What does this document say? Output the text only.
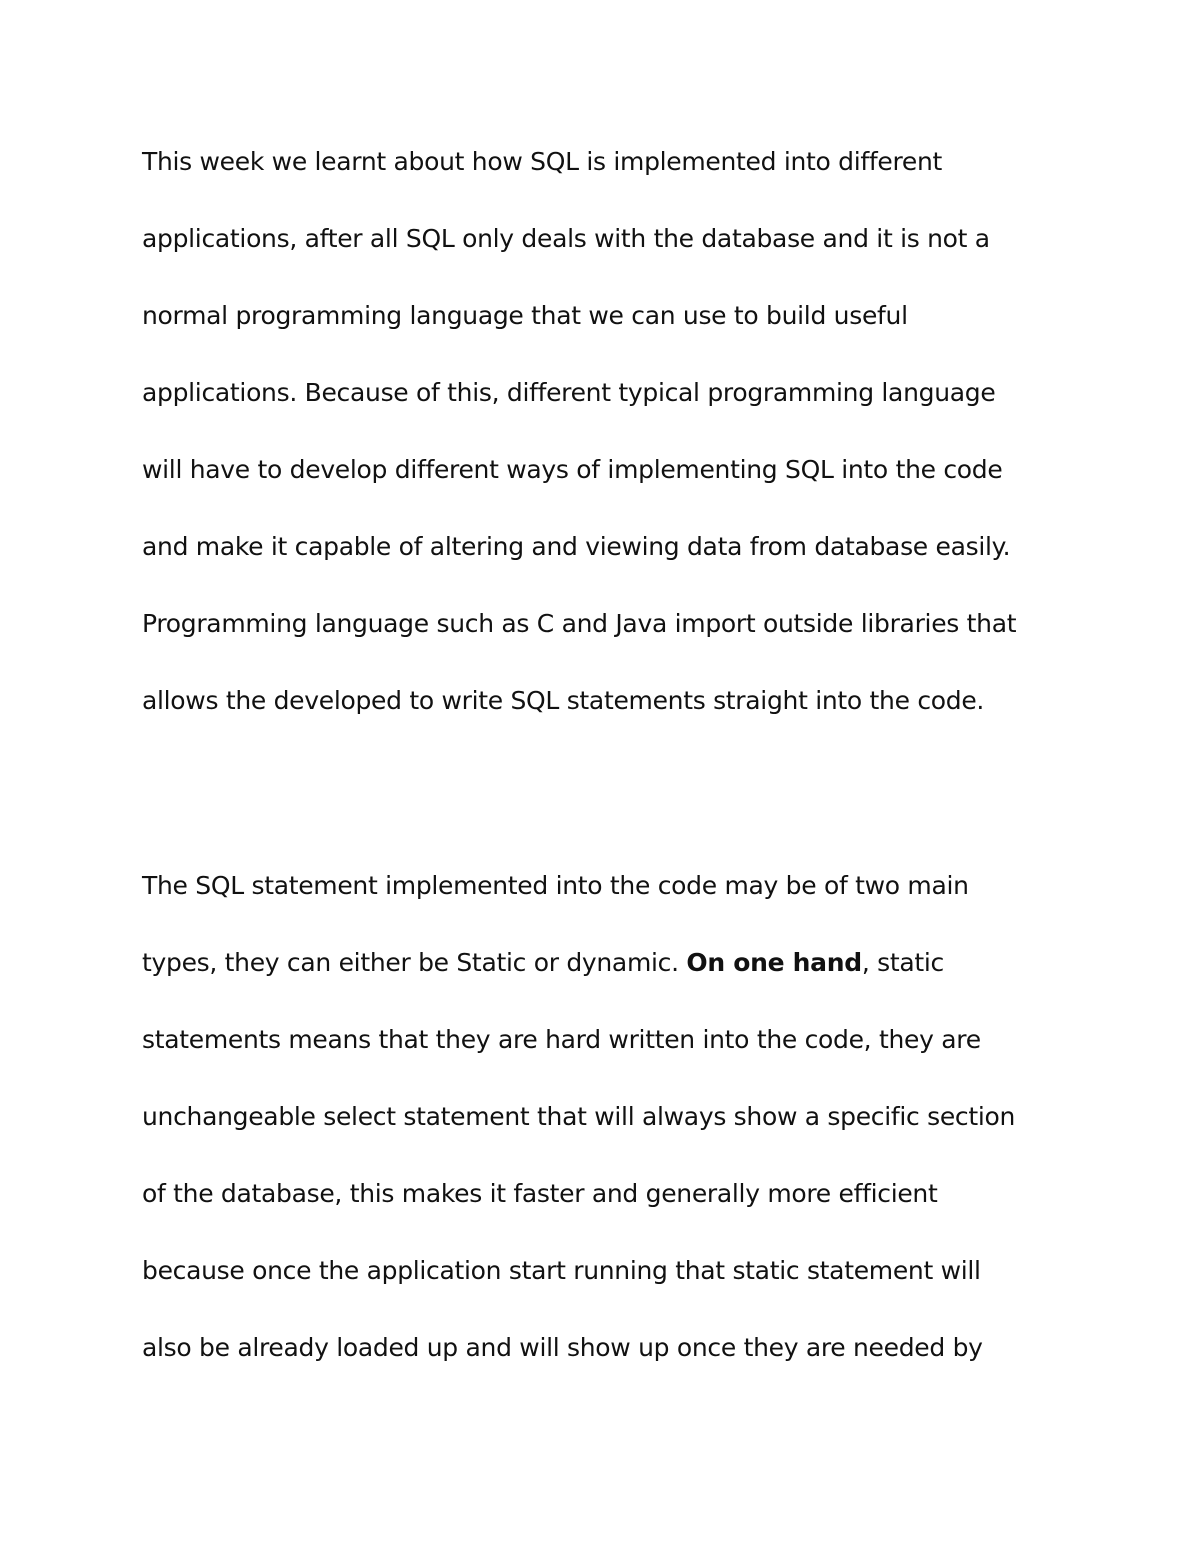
This week we learnt about how SQL is implemented into different
applications, after all SQL only deals with the database and it is not a
normal programming language that we can use to build useful
applications. Because of this, different typical programming language
will have to develop different ways of implementing SQL into the code
and make it capable of altering and viewing data from database easily.
Programming language such as C and Java import outside libraries that
allows the developed to write SQL statements straight into the code.

The SQL statement implemented into the code may be of two main
types, they can either be Static or dynamic. On one hand, static
statements means that they are hard written into the code, they are
unchangeable select statement that will always show a specific section
of the database, this makes it faster and generally more efficient
because once the application start running that static statement will
also be already loaded up and will show up once they are needed by
